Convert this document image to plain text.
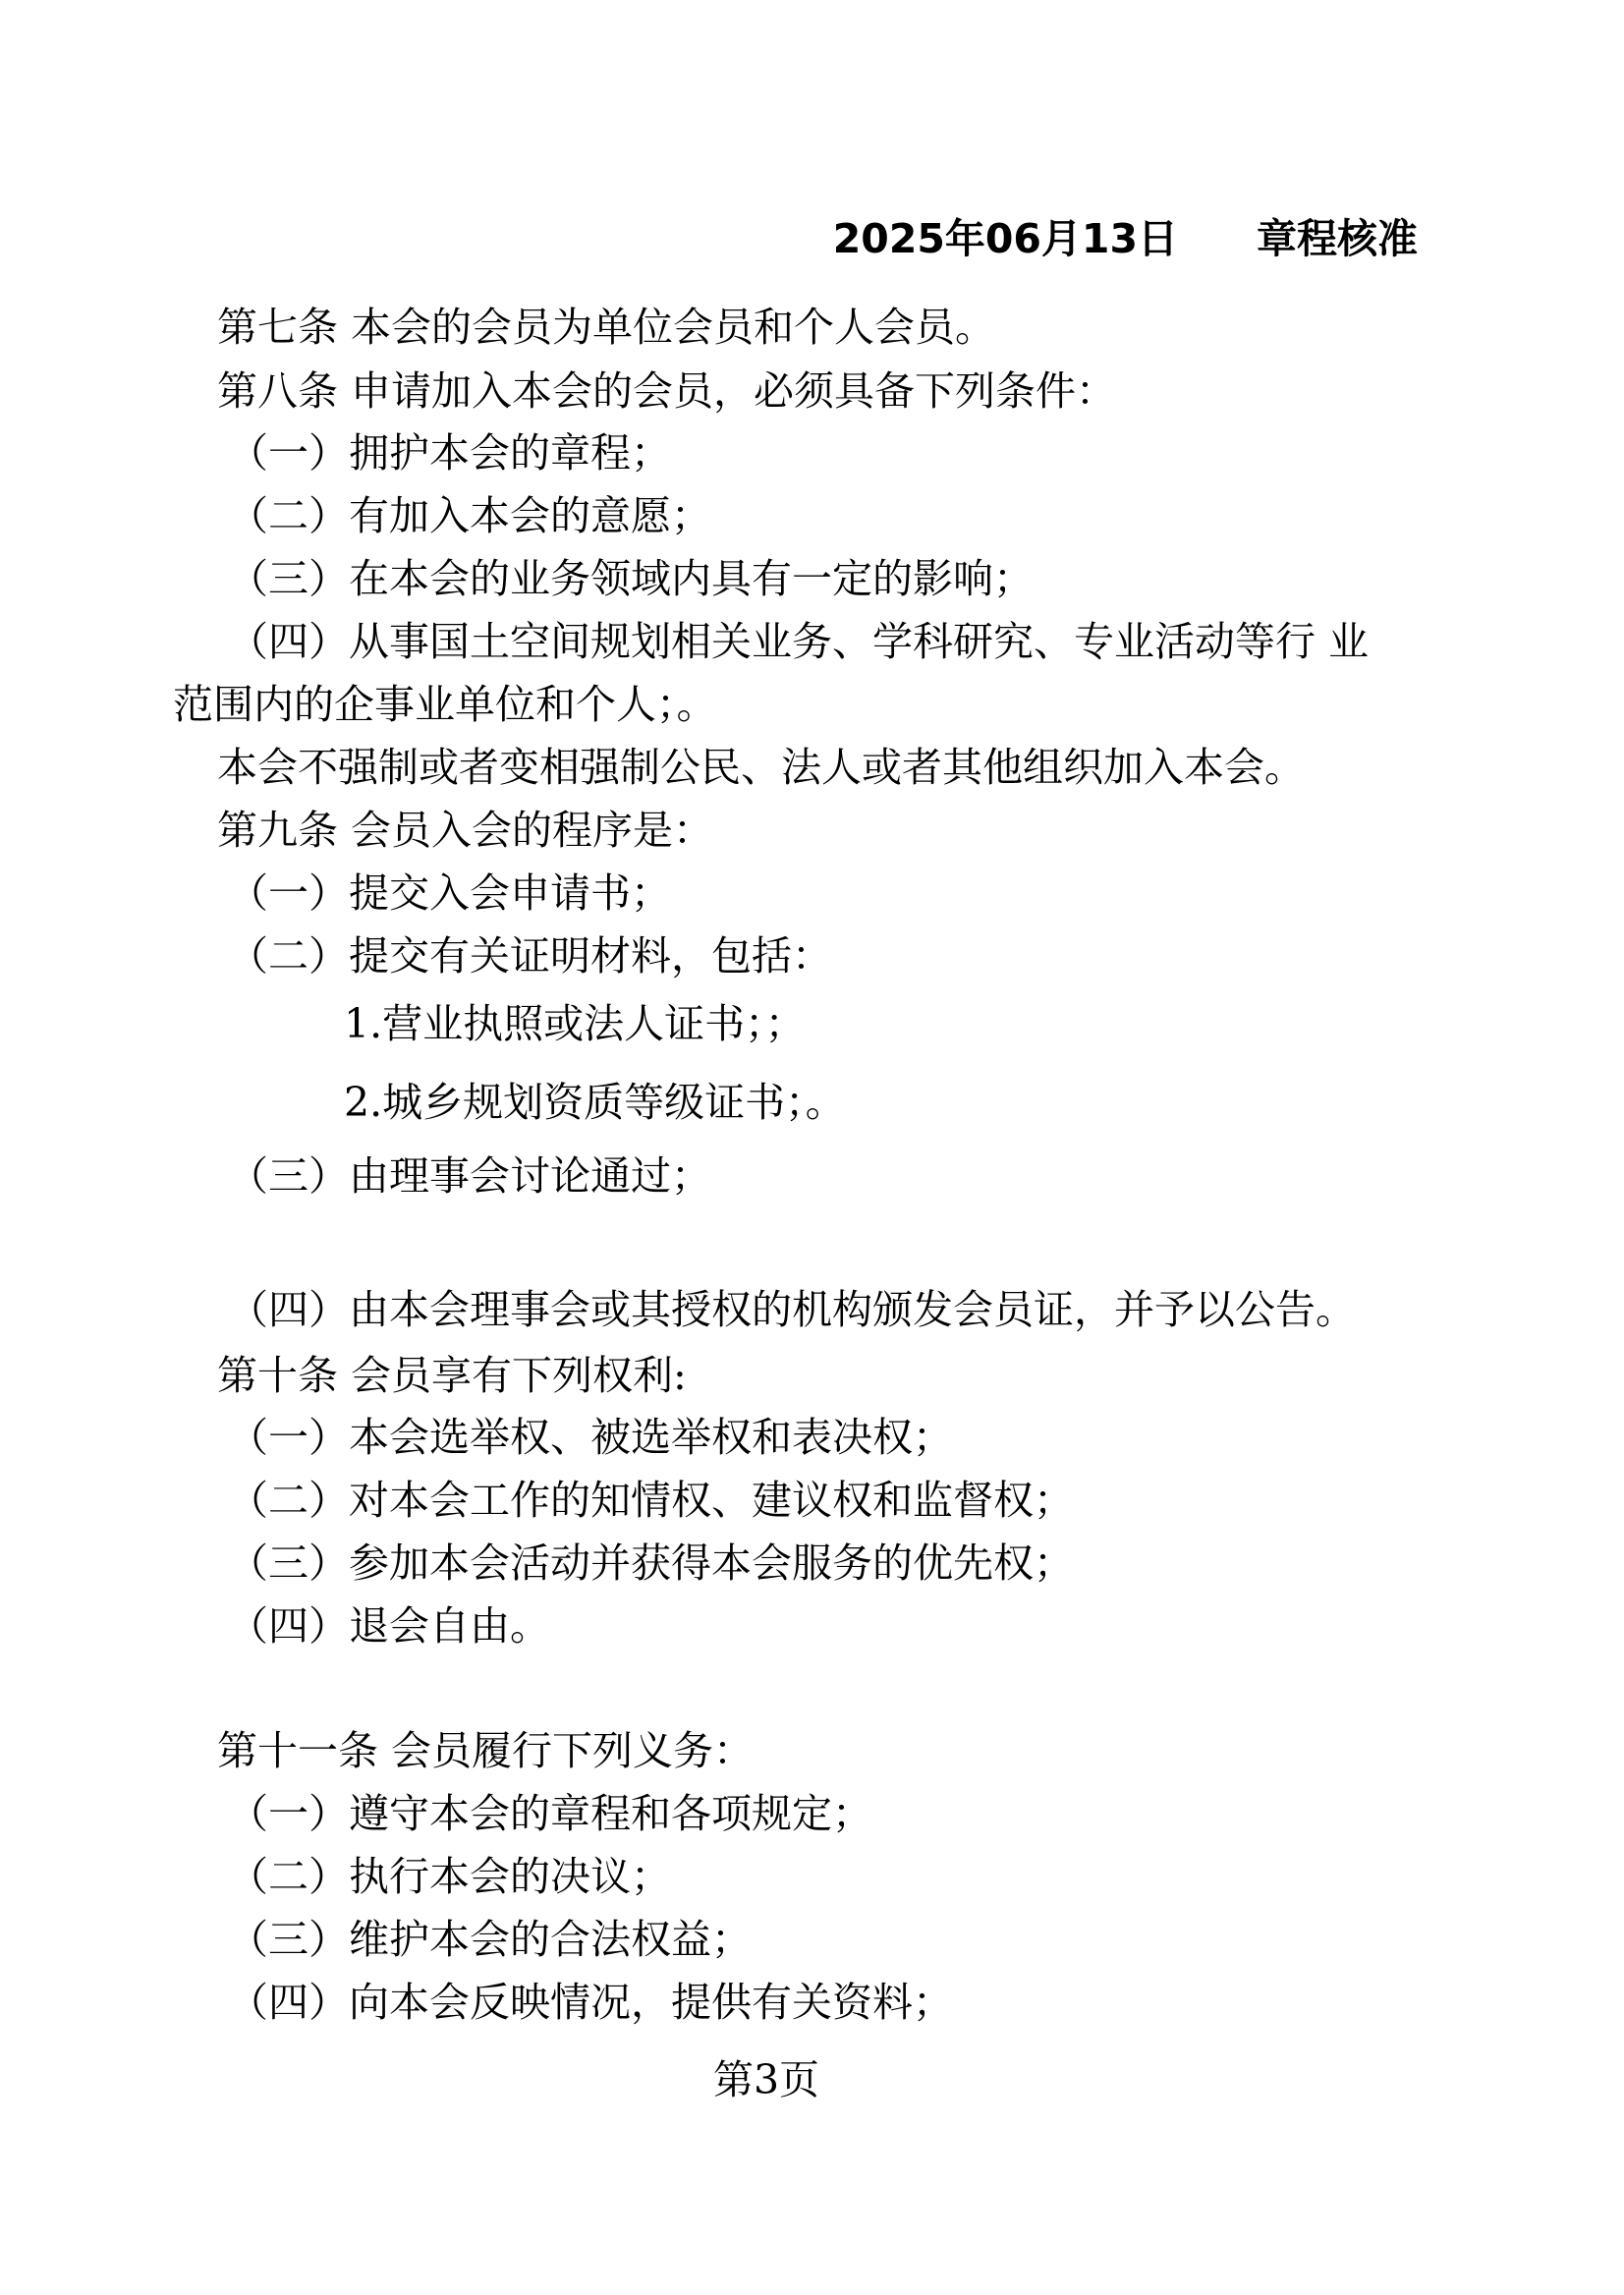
2025年06月13日 章程核准
第七条 本会的会员为单位会员和个人会员。
第八条 申请加入本会的会员，必须具备下列条件：
（一）拥护本会的章程；
（二）有加入本会的意愿；
（三）在本会的业务领域内具有一定的影响；
（四）从事国土空间规划相关业务、学科研究、专业活动等行 业
范围内的企事业单位和个人；。
本会不强制或者变相强制公民、法人或者其他组织加入本会。
第九条 会员入会的程序是：
（一）提交入会申请书；
（二）提交有关证明材料，包括：
1.营业执照或法人证书；；
2.城乡规划资质等级证书；。
（三）由理事会讨论通过；
（四）由本会理事会或其授权的机构颁发会员证，并予以公告。
第十条 会员享有下列权利:
（一）本会选举权、被选举权和表决权；
（二）对本会工作的知情权、建议权和监督权；
（三）参加本会活动并获得本会服务的优先权；
（四）退会自由。
第十一条 会员履行下列义务：
（一）遵守本会的章程和各项规定；
（二）执行本会的决议；
（三）维护本会的合法权益；
（四）向本会反映情况，提供有关资料；
第3页
